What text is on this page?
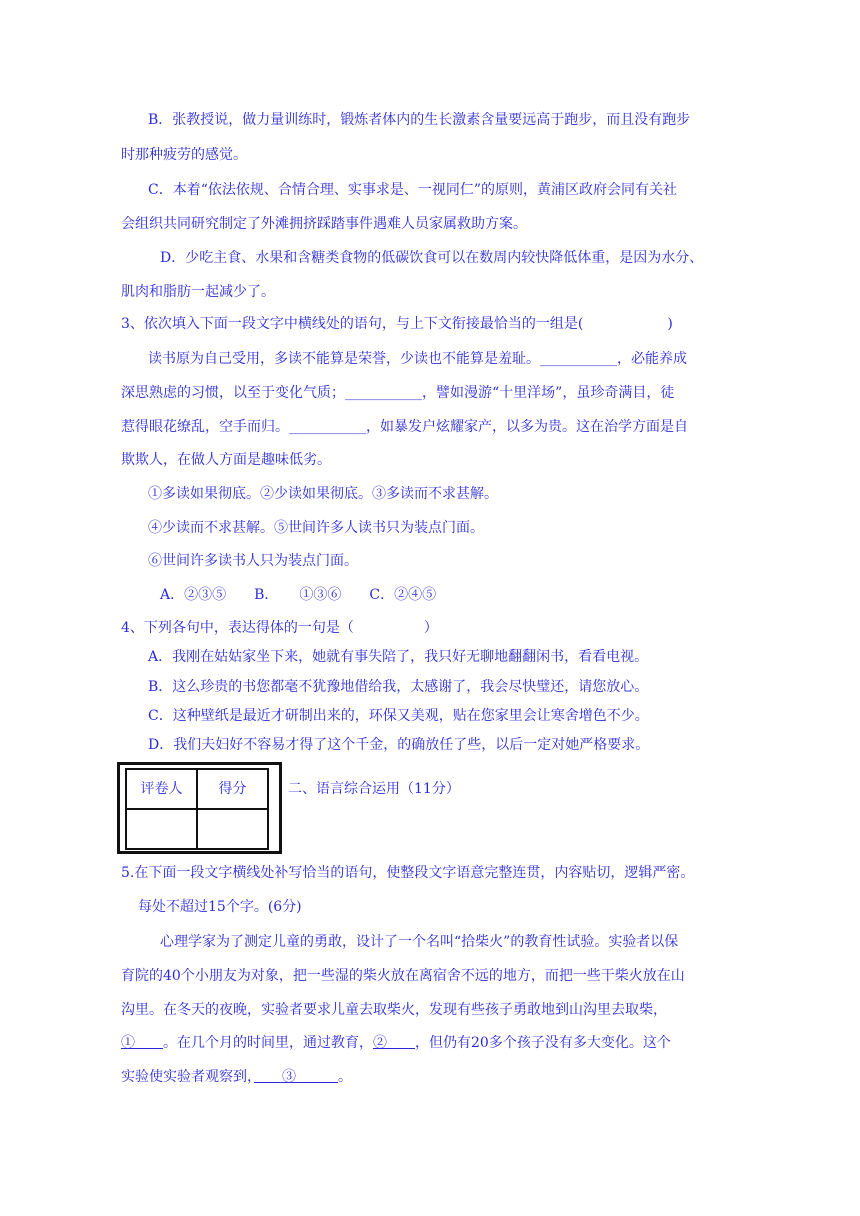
B．张教授说，做力量训练时，锻炼者体内的生长激素含量要远高于跑步，而且没有跑步
时那种疲劳的感觉。
C．本着“依法依规、合情合理、实事求是、一视同仁”的原则，黄浦区政府会同有关社
会组织共同研究制定了外滩拥挤踩踏事件遇难人员家属救助方案。
D．少吃主食、水果和含糖类食物的低碳饮食可以在数周内较快降低体重，是因为水分、
肌肉和脂肪一起减少了。
3、依次填入下面一段文字中横线处的语句，与上下文衔接最恰当的一组是(　　　　　　)
读书原为自己受用，多读不能算是荣誉，少读也不能算是羞耻。___________，必能养成
深思熟虑的习惯，以至于变化气质；___________，譬如漫游“十里洋场”，虽珍奇满目，徒
惹得眼花缭乱，空手而归。___________，如暴发户炫耀家产，以多为贵。这在治学方面是自
欺欺人，在做人方面是趣味低劣。
①多读如果彻底。②少读如果彻底。③多读而不求甚解。
④少读而不求甚解。⑤世间许多人读书只为装点门面。
⑥世间许多读书人只为装点门面。
A．②③⑤　　B．　　①③⑥　　C．②④⑤
4、下列各句中，表达得体的一句是（　　　　　）
A．我刚在姑姑家坐下来，她就有事失陪了，我只好无聊地翻翻闲书，看看电视。
B．这么珍贵的书您都毫不犹豫地借给我，太感谢了，我会尽快璧还，请您放心。
C．这种壁纸是最近才研制出来的，环保又美观，贴在您家里会让寒舍增色不少。
D．我们夫妇好不容易才得了这个千金，的确放任了些，以后一定对她严格要求。
评卷人	得分
		二、语言综合运用（11分）
5.在下面一段文字横线处补写恰当的语句，使整段文字语意完整连贯，内容贴切，逻辑严密。
每处不超过15个字。(6分)
心理学家为了测定儿童的勇敢，设计了一个名叫“拾柴火”的教育性试验。实验者以保
育院的40个小朋友为对象，把一些湿的柴火放在离宿舍不远的地方，而把一些干柴火放在山
沟里。在冬天的夜晚，实验者要求儿童去取柴火，发现有些孩子勇敢地到山沟里去取柴，
①　　。在几个月的时间里，通过教育，②　　，但仍有20多个孩子没有多大变化。这个
实验使实验者观察到，　　③　　　。
